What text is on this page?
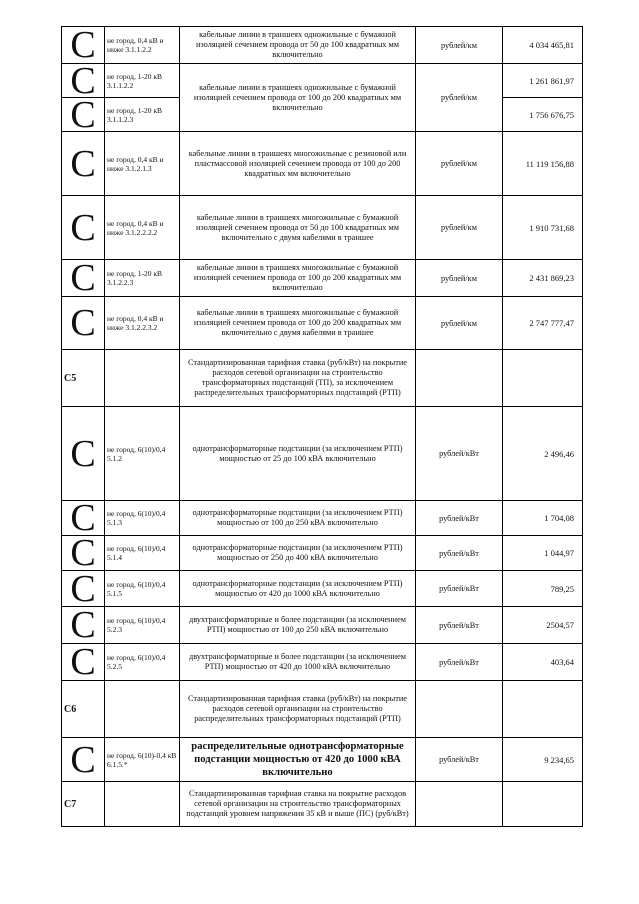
C	не город, 0,4 кВ и ниже 3.1.1.2.2	кабельные линии в траншеях одножильные с бумажной изоляцией сечением провода от 50 до 100 квадратных мм включительно	рублей/км	4 034 465,81

C	не город, 1-20 кВ 3.1.1.2.2	кабельные линии в траншеях одножильные с бумажной изоляцией сечением провода от 100 до 200 квадратных мм включительно	рублей/км	1 261 861,97

C	не город, 1-20 кВ 3.1.1.2.3			1 756 676,75

C	не город, 0,4 кВ и ниже 3.1.2.1.3	кабельные линии в траншеях многожильные с резиновой или пластмассовой изоляцией сечением провода от 100 до 200 квадратных мм включительно	рублей/км	11 119 156,88

C	не город, 0,4 кВ и ниже 3.1.2.2.2.2	кабельные линии в траншеях многожильные с бумажной изоляцией сечением провода от 50 до 100 квадратных мм включительно с двумя кабелями в траншее	рублей/км	1 910 731,68

C	не город, 1-20 кВ 3.1.2.2.3	кабельные линии в траншеях многожильные с бумажной изоляцией сечением провода от 100 до 200 квадратных мм включительно	рублей/км	2 431 869,23

C	не город, 0,4 кВ и ниже 3.1.2.2.3.2	кабельные линии в траншеях многожильные с бумажной изоляцией сечением провода от 100 до 200 квадратных мм включительно с двумя кабелями в траншее	рублей/км	2 747 777,47
C5		Стандартизированная тарифная ставка (руб/кВт) на покрытие расходов сетевой организации на строительство трансформаторных подстанций (ТП), за исключением распределительных трансформаторных подстанций (РТП)		

C	не город, 6(10)/0,4 5.1.2	однотрансформаторные подстанции (за исключением РТП) мощностью от 25 до 100 кВА включительно	рублей/кВт	2 496,46

C	не город, 6(10)/0,4 5.1.3	однотрансформаторные подстанции (за исключением РТП) мощностью от 100 до 250 кВА включительно	рублей/кВт	1 704,08

C	не город, 6(10)/0,4 5.1.4	однотрансформаторные подстанции (за исключением РТП) мощностью от 250 до 400 кВА включительно	рублей/кВт	1 044,97

C	не город, 6(10)/0,4 5.1.5	однотрансформаторные подстанции (за исключением РТП) мощностью от 420 до 1000 кВА включительно	рублей/кВт	789,25

C	не город, 6(10)/0,4 5.2.3	двухтрансформаторные и более подстанции (за исключением РТП) мощностью от 100 до 250 кВА включительно	рублей/кВт	2504,57

C	не город, 6(10)/0,4 5.2.5	двухтрансформаторные и более подстанции (за исключением РТП) мощностью от 420 до 1000 кВА включительно	рублей/кВт	403,64
C6		Стандартизированная тарифная ставка (руб/кВт) на покрытие расходов сетевой организации на строительство распределительных трансформаторных подстанций (РТП)		

C	не город, 6(10)-0,4 кВ 6.1.5.*	распределительные однотрансформаторные подстанции мощностью от 420 до 1000 кВА включительно	рублей/кВт	9 234,65
C7		Стандартизированная тарифная ставка на покрытие расходов сетевой организации на строительство трансформаторных подстанций уровнем напряжения 35 кВ и выше (ПС) (руб/кВт)		
